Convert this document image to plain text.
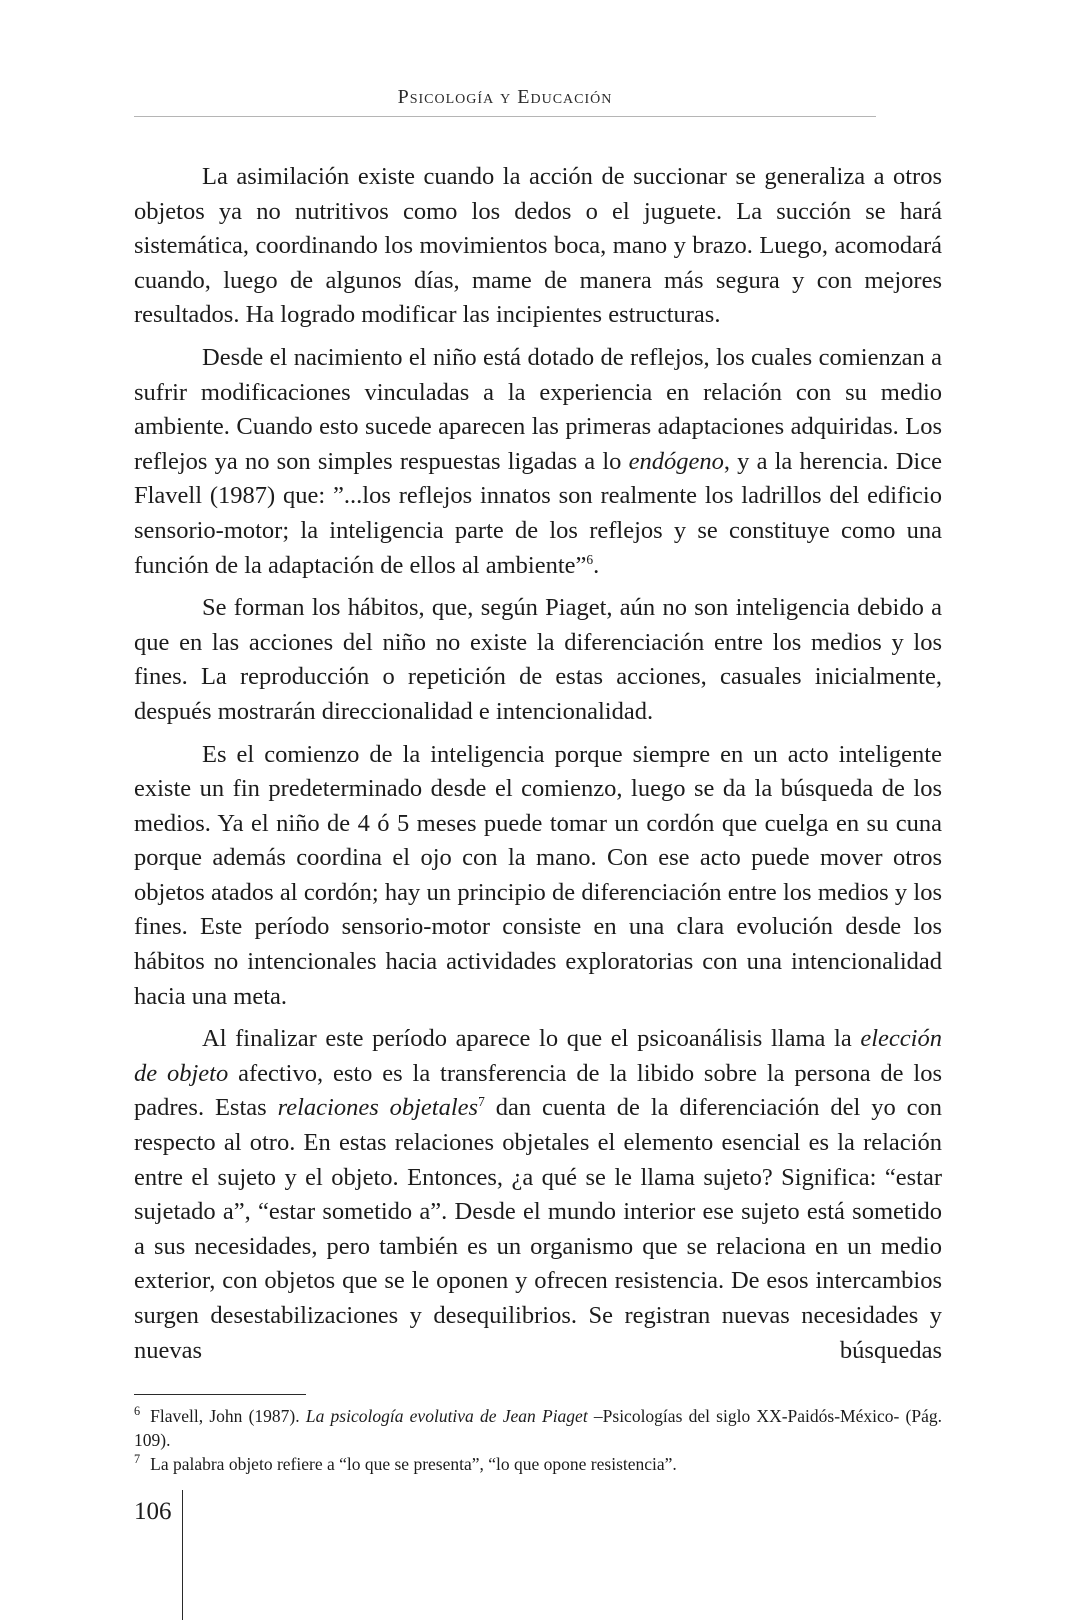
Psicología y Educación

La asimilación existe cuando la acción de succionar se generaliza a otros objetos ya no nutritivos como los dedos o el juguete. La succión se hará sistemática, coordinando los movimientos boca, mano y brazo. Luego, acomodará cuando, luego de algunos días, mame de manera más segura y con mejores resultados. Ha logrado modificar las incipientes estructuras.

Desde el nacimiento el niño está dotado de reflejos, los cuales comienzan a sufrir modificaciones vinculadas a la experiencia en relación con su medio ambiente. Cuando esto sucede aparecen las primeras adaptaciones adquiridas. Los reflejos ya no son simples respuestas ligadas a lo endógeno, y a la herencia. Dice Flavell (1987) que: ”...los reflejos innatos son realmente los ladrillos del edificio sensorio-motor; la inteligencia parte de los reflejos y se constituye como una función de la adaptación de ellos al ambiente”$^6$.

Se forman los hábitos, que, según Piaget, aún no son inteligencia debido a que en las acciones del niño no existe la diferenciación entre los medios y los fines. La reproducción o repetición de estas acciones, casuales inicialmente, después mostrarán direccionalidad e intencionalidad.

Es el comienzo de la inteligencia porque siempre en un acto inteligente existe un fin predeterminado desde el comienzo, luego se da la búsqueda de los medios. Ya el niño de 4 ó 5 meses puede tomar un cordón que cuelga en su cuna porque además coordina el ojo con la mano. Con ese acto puede mover otros objetos atados al cordón; hay un principio de diferenciación entre los medios y los fines. Este período sensorio-motor consiste en una clara evolución desde los hábitos no intencionales hacia actividades exploratorias con una intencionalidad hacia una meta.

Al finalizar este período aparece lo que el psicoanálisis llama la elección de objeto afectivo, esto es la transferencia de la libido sobre la persona de los padres. Estas relaciones objetales$^7$ dan cuenta de la diferenciación del yo con respecto al otro. En estas relaciones objetales el elemento esencial es la relación entre el sujeto y el objeto. Entonces, ¿a qué se le llama sujeto? Significa: “estar sujetado a”, “estar sometido a”. Desde el mundo interior ese sujeto está sometido a sus necesidades, pero también es un organismo que se relaciona en un medio exterior, con objetos que se le oponen y ofrecen resistencia. De esos intercambios surgen desestabilizaciones y desequilibrios. Se registran nuevas necesidades y nuevas búsquedas

$^6$ Flavell, John (1987). La psicología evolutiva de Jean Piaget –Psicologías del siglo XX-Paidós-México- (Pág. 109).

$^7$ La palabra objeto refiere a “lo que se presenta”, “lo que opone resistencia”.

106
